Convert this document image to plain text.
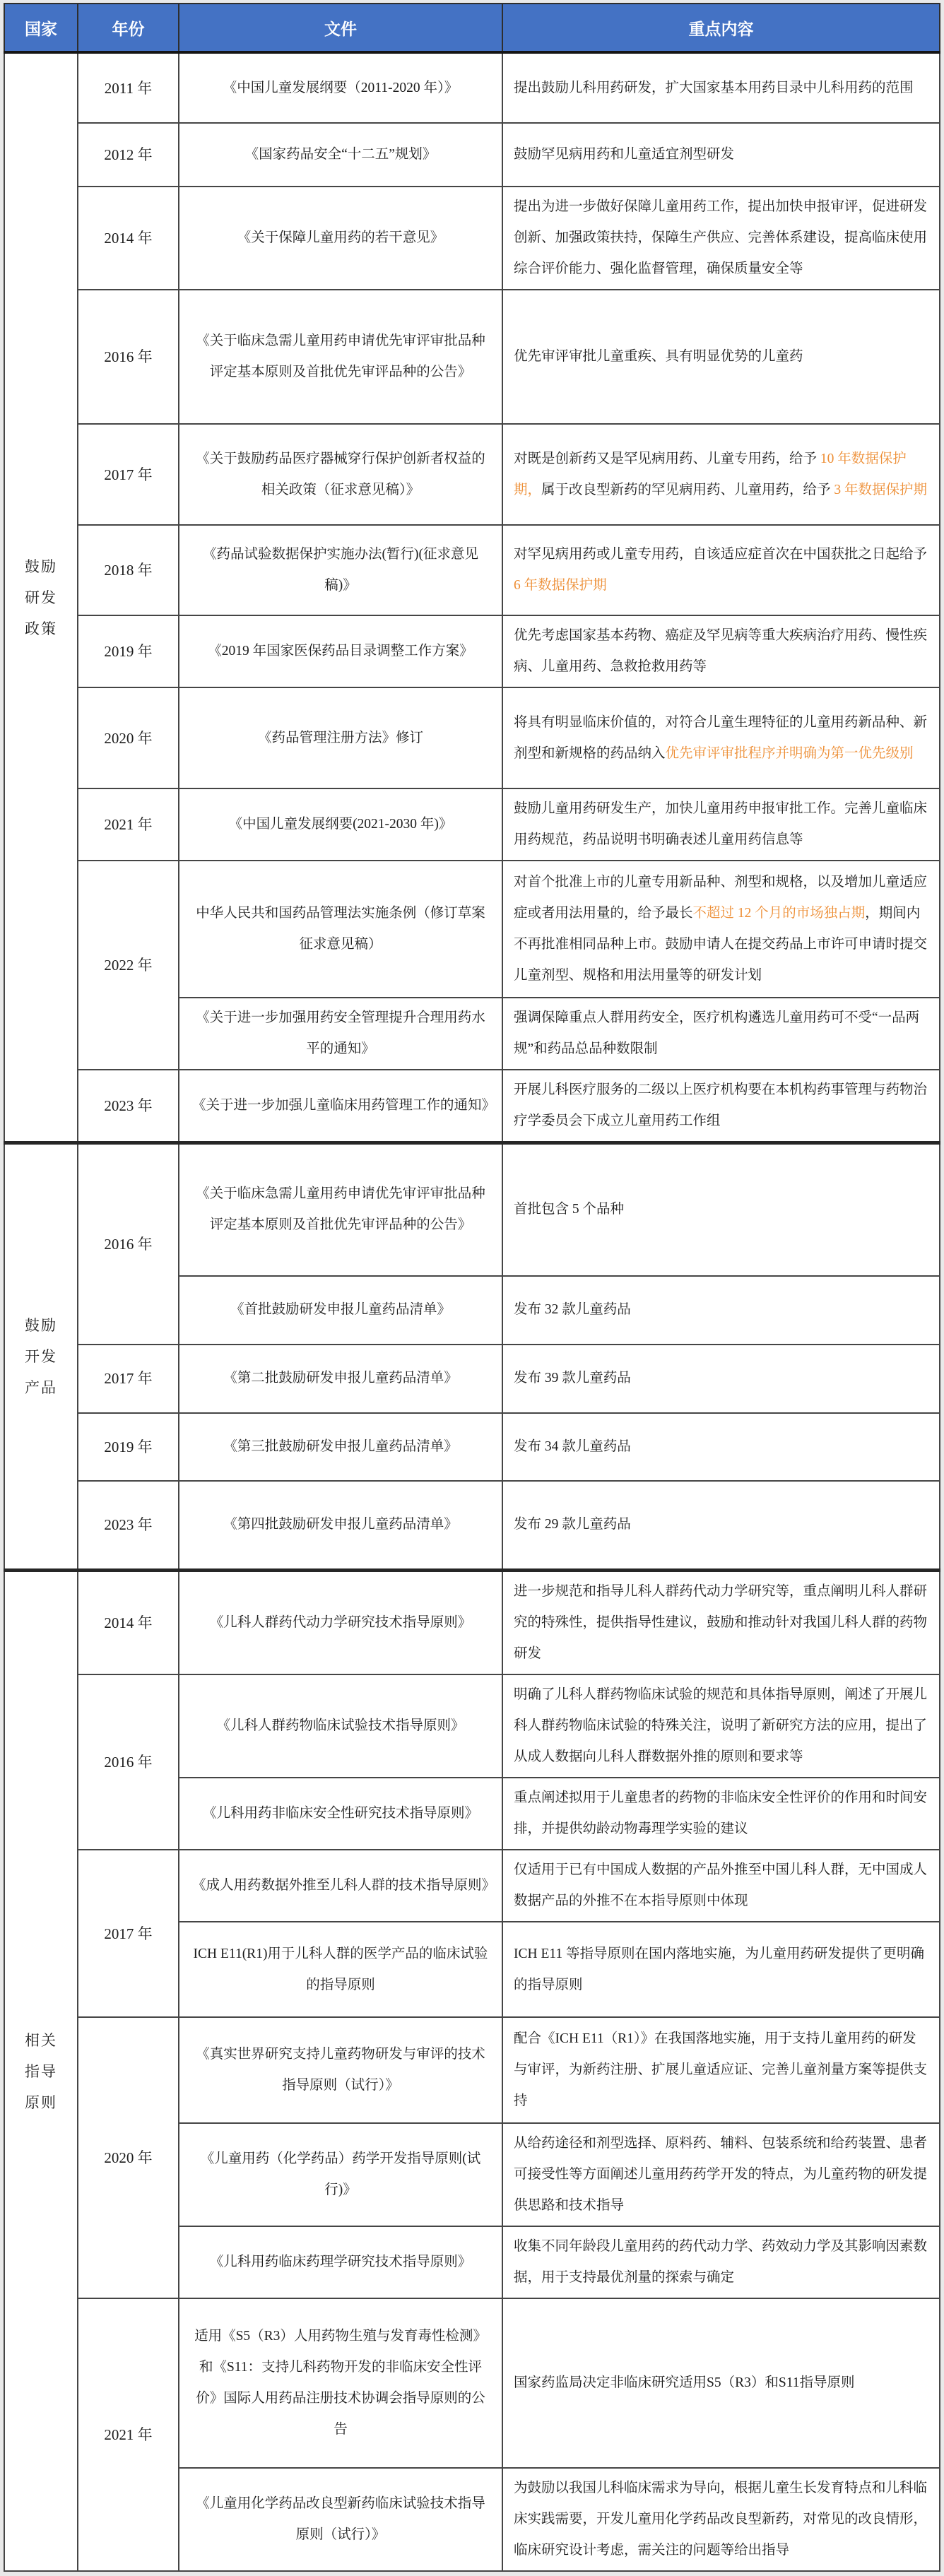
国家	年份	文件	重点内容

鼓励
研发
政策	2011 年	《中国儿童发展纲要（2011-2020 年）》	提出鼓励儿科用药研发，扩大国家基本用药目录中儿科用药的范围
	2012 年	《国家药品安全“十二五”规划》	鼓励罕见病用药和儿童适宜剂型研发
	2014 年	《关于保障儿童用药的若干意见》	提出为进一步做好保障儿童用药工作，提出加快申报审评，促进研发创新、加强政策扶持，保障生产供应、完善体系建设，提高临床使用综合评价能力、强化监督管理，确保质量安全等
	2016 年	《关于临床急需儿童用药申请优先审评审批品种评定基本原则及首批优先审评品种的公告》	优先审评审批儿童重疾、具有明显优势的儿童药
	2017 年	《关于鼓励药品医疗器械穿行保护创新者权益的相关政策（征求意见稿）》	对既是创新药又是罕见病用药、儿童专用药，给予 10 年数据保护期，属于改良型新药的罕见病用药、儿童用药，给予 3 年数据保护期
	2018 年	《药品试验数据保护实施办法(暂行)(征求意见稿)》	对罕见病用药或儿童专用药，自该适应症首次在中国获批之日起给予 6 年数据保护期
	2019 年	《2019 年国家医保药品目录调整工作方案》	优先考虑国家基本药物、癌症及罕见病等重大疾病治疗用药、慢性疾病、儿童用药、急救抢救用药等
	2020 年	《药品管理注册方法》修订	将具有明显临床价值的，对符合儿童生理特征的儿童用药新品种、新剂型和新规格的药品纳入优先审评审批程序并明确为第一优先级别
	2021 年	《中国儿童发展纲要(2021-2030 年)》	鼓励儿童用药研发生产，加快儿童用药申报审批工作。完善儿童临床用药规范，药品说明书明确表述儿童用药信息等
	2022 年	中华人民共和国药品管理法实施条例（修订草案征求意见稿）	对首个批准上市的儿童专用新品种、剂型和规格，以及增加儿童适应症或者用法用量的，给予最长不超过 12 个月的市场独占期，期间内不再批准相同品种上市。鼓励申请人在提交药品上市许可申请时提交儿童剂型、规格和用法用量等的研发计划
		《关于进一步加强用药安全管理提升合理用药水平的通知》	强调保障重点人群用药安全，医疗机构遴选儿童用药可不受“一品两规”和药品总品种数限制
	2023 年	《关于进一步加强儿童临床用药管理工作的通知》	开展儿科医疗服务的二级以上医疗机构要在本机构药事管理与药物治疗学委员会下成立儿童用药工作组

鼓励
开发
产品	2016 年	《关于临床急需儿童用药申请优先审评审批品种评定基本原则及首批优先审评品种的公告》	首批包含 5 个品种
		《首批鼓励研发申报儿童药品清单》	发布 32 款儿童药品
	2017 年	《第二批鼓励研发申报儿童药品清单》	发布 39 款儿童药品
	2019 年	《第三批鼓励研发申报儿童药品清单》	发布 34 款儿童药品
	2023 年	《第四批鼓励研发申报儿童药品清单》	发布 29 款儿童药品

相关
指导
原则	2014 年	《儿科人群药代动力学研究技术指导原则》	进一步规范和指导儿科人群药代动力学研究等，重点阐明儿科人群研究的特殊性，提供指导性建议，鼓励和推动针对我国儿科人群的药物研发
	2016 年	《儿科人群药物临床试验技术指导原则》	明确了儿科人群药物临床试验的规范和具体指导原则，阐述了开展儿科人群药物临床试验的特殊关注，说明了新研究方法的应用，提出了从成人数据向儿科人群数据外推的原则和要求等
		《儿科用药非临床安全性研究技术指导原则》	重点阐述拟用于儿童患者的药物的非临床安全性评价的作用和时间安排，并提供幼龄动物毒理学实验的建议
	2017 年	《成人用药数据外推至儿科人群的技术指导原则》	仅适用于已有中国成人数据的产品外推至中国儿科人群，无中国成人数据产品的外推不在本指导原则中体现
		ICH E11(R1)用于儿科人群的医学产品的临床试验的指导原则	ICH E11 等指导原则在国内落地实施，为儿童用药研发提供了更明确的指导原则
	2020 年	《真实世界研究支持儿童药物研发与审评的技术指导原则（试行）》	配合《ICH E11（R1）》在我国落地实施，用于支持儿童用药的研发与审评，为新药注册、扩展儿童适应证、完善儿童剂量方案等提供支持
		《儿童用药（化学药品）药学开发指导原则(试行)》	从给药途径和剂型选择、原料药、辅料、包装系统和给药装置、患者可接受性等方面阐述儿童用药药学开发的特点，为儿童药物的研发提供思路和技术指导
		《儿科用药临床药理学研究技术指导原则》	收集不同年龄段儿童用药的药代动力学、药效动力学及其影响因素数据，用于支持最优剂量的探索与确定
	2021 年	适用《S5（R3）人用药物生殖与发育毒性检测》和《S11：支持儿科药物开发的非临床安全性评价》国际人用药品注册技术协调会指导原则的公告	国家药监局决定非临床研究适用S5（R3）和S11指导原则
		《儿童用化学药品改良型新药临床试验技术指导原则（试行）》	为鼓励以我国儿科临床需求为导向，根据儿童生长发育特点和儿科临床实践需要，开发儿童用化学药品改良型新药，对常见的改良情形，临床研究设计考虑，需关注的问题等给出指导
